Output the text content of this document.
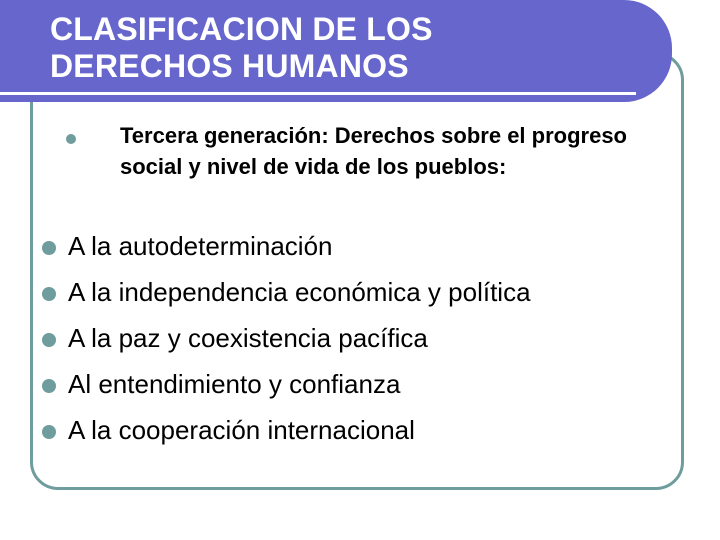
CLASIFICACION DE LOS
DERECHOS HUMANOS

Tercera generación: Derechos sobre el progreso social y nivel de vida de los pueblos:

A la autodeterminación
A la independencia económica y política
A la paz y coexistencia pacífica
Al entendimiento y confianza
A la cooperación internacional
